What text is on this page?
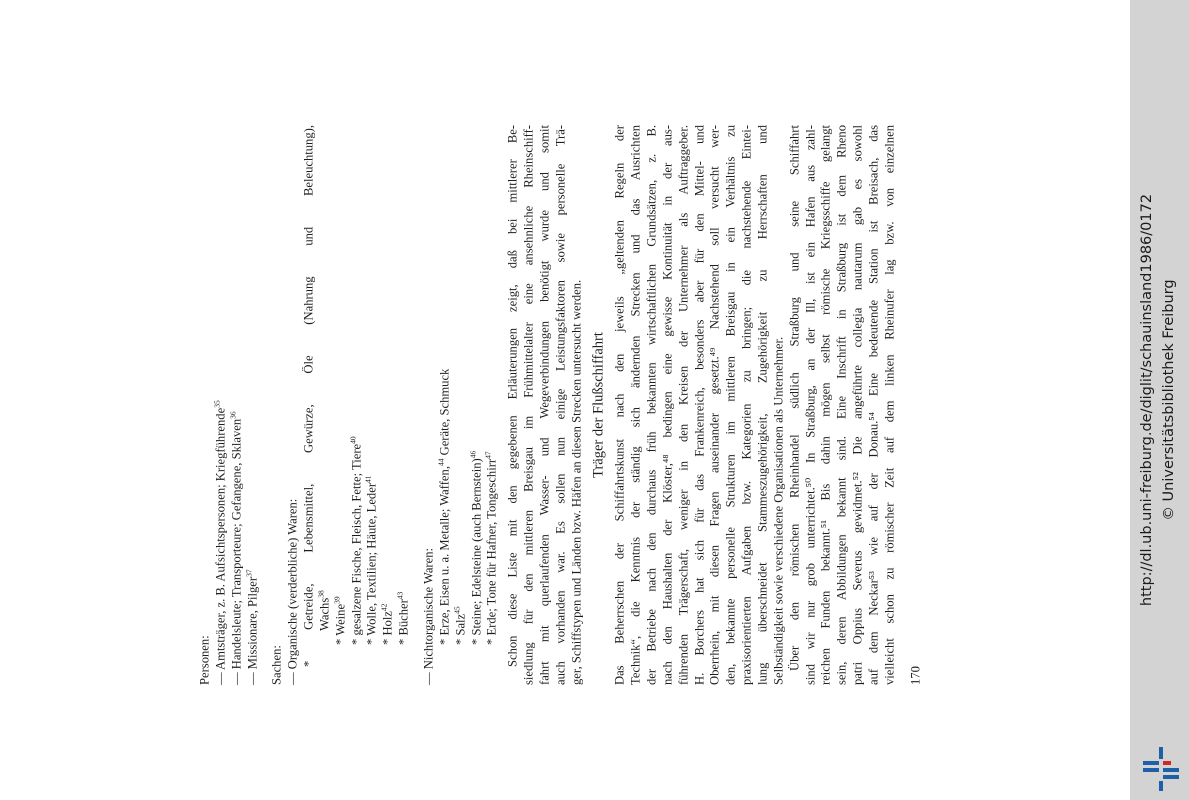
Personen: — Amtsträger, z. B. Aufsichtspersonen; Kriegführende$^{35}$
— Handelsleute; Transporteure; Gefangene, Sklaven$^{36}$
— Missionare, Pilger$^{37}$
Sachen: — Organische (verderbliche) Waren: * Getreide, Lebensmittel, Gewürze, Öle (Nahrung und Beleuchtung), Wachs$^{38}$
* Weine$^{39}$ * gesalzene Fische, Fleisch, Fette; Tiere$^{40}$
* Wolle, Textilien; Häute, Leder$^{41}$
* Holz$^{42}$ * Bücher$^{43}$	— Nichtorganische Waren: * Erze, Eisen u. a. Metalle; Waffen,$^{44}$ Geräte, Schmuck
* Salz$^{45}$ * Steine; Edelsteine (auch Bernstein)$^{46}$
* Erde; Tone für Hafner, Tongeschirr$^{47}$	Schon diese Liste mit den gegebenen Erläuterungen zeigt, daß bei mittlerer Be- siedlung für den mittleren Breisgau im Frühmittelalter eine ansehnliche Rheinschiff- fahrt mit querlaufenden Wasser- und Wegeverbindungen benötigt wurde und somit auch vorhanden war. Es sollen nun einige Leistungsfaktoren sowie personelle Trä- ger, Schiffstypen und Länden bzw. Häfen an diesen Strecken untersucht werden. Träger der Flußschiffahrt Das Beherrschen der Schiffahrtskunst nach den jeweils „geltenden Regeln der Technik“, die Kenntnis der ständig sich ändernden Strecken und das Ausrichten der Betriebe nach den durchaus früh bekannten wirtschaftlichen Grundsätzen, z. B. nach den Haushalten der Klöster,⁴⁸ bedingen eine gewisse Kontinuität in der aus- führenden Trägerschaft, weniger in den Kreisen der Unternehmer als Auftraggeber. H. Borchers hat sich für das Frankenreich, besonders aber für den Mittel- und Oberrhein, mit diesen Fragen auseinander gesetzt.⁴⁹ Nachstehend soll versucht wer- den, bekannte personelle Strukturen im mittleren Breisgau in ein Verhältnis zu praxisorientierten Aufgaben bzw. Kategorien zu bringen; die nachstehende Eintei- lung überschneidet Stammeszugehörigkeit, Zugehörigkeit zu Herrschaften und Selbständigkeit sowie verschiedene Organisationen als Unternehmer. Über den römischen Rheinhandel südlich Straßburg und seine Schiffahrt sind wir nur grob unterrichtet.⁵⁰ In Straßburg, an der Ill, ist ein Hafen aus zahl- reichen Funden bekannt.⁵¹ Bis dahin mögen selbst römische Kriegsschiffe gelangt sein, deren Abbildungen bekannt sind. Eine Inschrift in Straßburg ist dem Rheno patri Oppius Severus gewidmet.⁵² Die angeführte collegia nautarum gab es sowohl auf dem Neckar⁵³ wie auf der Donau.⁵⁴ Eine bedeutende Station ist Breisach, das vielleicht schon zu römischer Zeit auf dem linken Rheinufer lag bzw. von einzelnen 170
http://dl.ub.uni-freiburg.de/diglit/schauinsland1986/0172 © Universitätsbibliothek Freiburg
